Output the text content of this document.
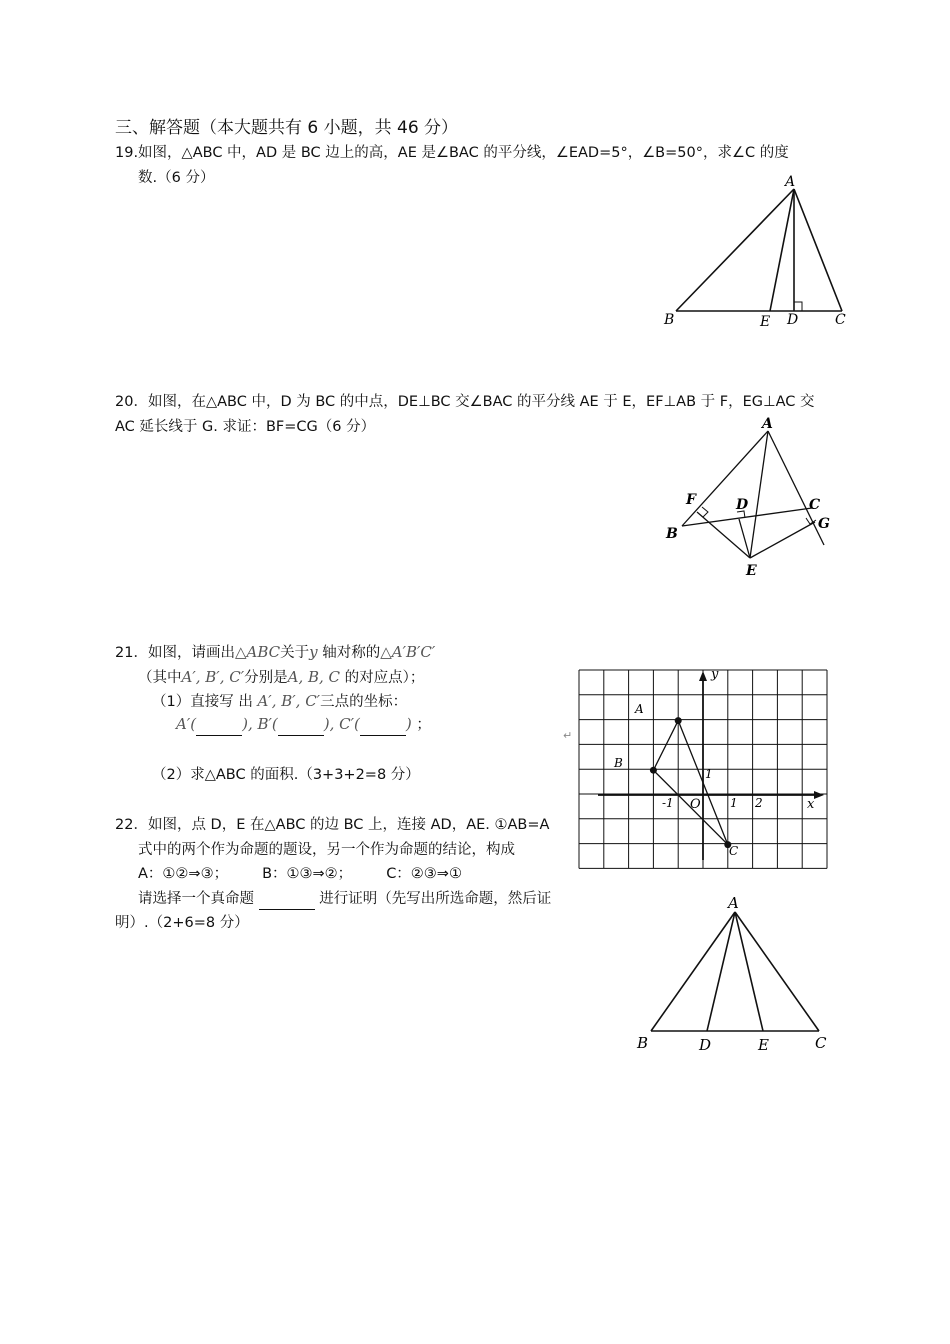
三、解答题（本大题共有 6 小题，共 46 分）
19.如图，△ABC 中，AD 是 BC 边上的高，AE 是∠BAC 的平分线，∠EAD=5°，∠B=50°，求∠C 的度
数.（6 分）	A
B	E D	C
20．如图，在△ABC 中，D 为 BC 的中点，DE⊥BC 交∠BAC 的平分线 AE 于 E，EF⊥AB 于 F，EG⊥AC 交
AC 延长线于 G. 求证：BF=CG（6 分）	A
F	D	C
G
B
E
21．如图，请画出△ABC关于y 轴对称的△A′B′C′
（其中A′, B′, C′分别是A, B, C 的对应点）；
（1）直接写 出 A′, B′, C′三点的坐标：
A′(	), B′(	), C′(	) ；
↵
（2）求△ABC 的面积.（3+3+2=8 分）
y
x
A
B
C
O
1
-1	1 2
22．如图，点 D，E 在△ABC 的边 BC 上，连接 AD，AE. ①AB=A
式中的两个作为命题的题设，另一个作为命题的结论，构成
A：①②⇒③； B：①③⇒②； C：②③⇒①
请选择一个真命题	进行证明（先写出所选命题，然后证
明）.（2+6=8 分）
A
B	D	E	C
